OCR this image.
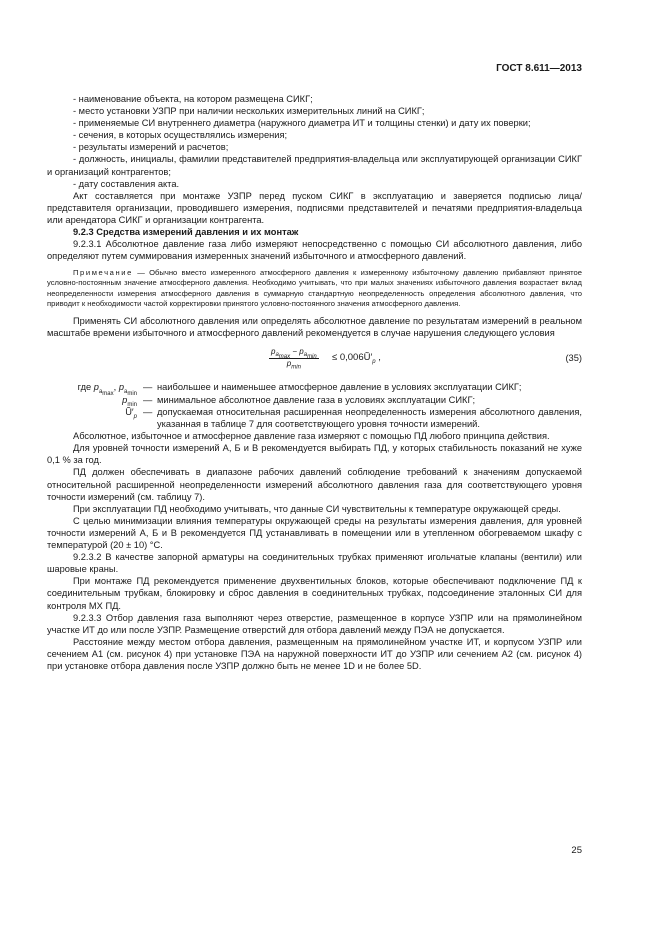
ГОСТ 8.611—2013

- наименование объекта, на котором размещена СИКГ;

- место установки УЗПР при наличии нескольких измерительных линий на СИКГ;

- применяемые СИ внутреннего диаметра (наружного диаметра ИТ и толщины стенки) и дату их поверки;

- сечения, в которых осуществлялись измерения;

- результаты измерений и расчетов;

- должность, инициалы, фамилии представителей предприятия-владельца или эксплуатирующей организации СИКГ и организаций контрагентов;

- дату составления акта.

Акт составляется при монтаже УЗПР перед пуском СИКГ в эксплуатацию и заверяется подписью лица/представителя организации, проводившего измерения, подписями представителей и печатями предприятия-владельца или арендатора СИКГ и организации контрагента.

9.2.3 Средства измерений давления и их монтаж

9.2.3.1 Абсолютное давление газа либо измеряют непосредственно с помощью СИ абсолютного давления, либо определяют путем суммирования измеренных значений избыточного и атмосферного давлений.

Примечание — Обычно вместо измеренного атмосферного давления к измеренному избыточному давлению прибавляют принятое условно-постоянным значение атмосферного давления. Необходимо учитывать, что при малых значениях избыточного давления возрастает вклад неопределенности измерения атмосферного давления в суммарную стандартную неопределенность определения абсолютного давления, что приводит к необходимости частой корректировки принятого условно-постоянного значения атмосферного давления.

Применять СИ абсолютного давления или определять абсолютное давление по результатам измерений в реальном масштабе времени избыточного и атмосферного давлений рекомендуется в случае нарушения следующего условия

$p_{a_{max}} - p_{a_{min}}$
$p_{min}$
≤ $0,006Ũ'_p$ ,	(35)
где $p_{a_{max}}$, $p_{a_{min}}$
— наибольшее и наименьшее атмосферное давление в условиях эксплуатации СИКГ;
$p_{min}$ — минимальное абсолютное давление газа в условиях эксплуатации СИКГ;
$Ũ'_p$ — допускаемая относительная расширенная неопределенность измерения абсолютного давления, указанная в таблице 7 для соответствующего уровня точности измерений.

Абсолютное, избыточное и атмосферное давление газа измеряют с помощью ПД любого принципа действия.

Для уровней точности измерений А, Б и В рекомендуется выбирать ПД, у которых стабильность показаний не хуже 0,1 % за год.

ПД должен обеспечивать в диапазоне рабочих давлений соблюдение требований к значениям допускаемой относительной расширенной неопределенности измерений абсолютного давления газа для соответствующего уровня точности измерений (см. таблицу 7).

При эксплуатации ПД необходимо учитывать, что данные СИ чувствительны к температуре окружающей среды.

С целью минимизации влияния температуры окружающей среды на результаты измерения давления, для уровней точности измерений А, Б и В рекомендуется ПД устанавливать в помещении или в утепленном обогреваемом шкафу с температурой (20 ± 10) °С.

9.2.3.2 В качестве запорной арматуры на соединительных трубках применяют игольчатые клапаны (вентили) или шаровые краны.

При монтаже ПД рекомендуется применение двухвентильных блоков, которые обеспечивают подключение ПД к соединительным трубкам, блокировку и сброс давления в соединительных трубках, подсоединение эталонных СИ для контроля МХ ПД.

9.2.3.3 Отбор давления газа выполняют через отверстие, размещенное в корпусе УЗПР или на прямолинейном участке ИТ до или после УЗПР. Размещение отверстий для отбора давлений между ПЭА не допускается.

Расстояние между местом отбора давления, размещенным на прямолинейном участке ИТ, и корпусом УЗПР или сечением А1 (см. рисунок 4) при установке ПЭА на наружной поверхности ИТ до УЗПР или сечением А2 (см. рисунок 4) при установке отбора давления после УЗПР должно быть не менее 1D и не более 5D.

25
